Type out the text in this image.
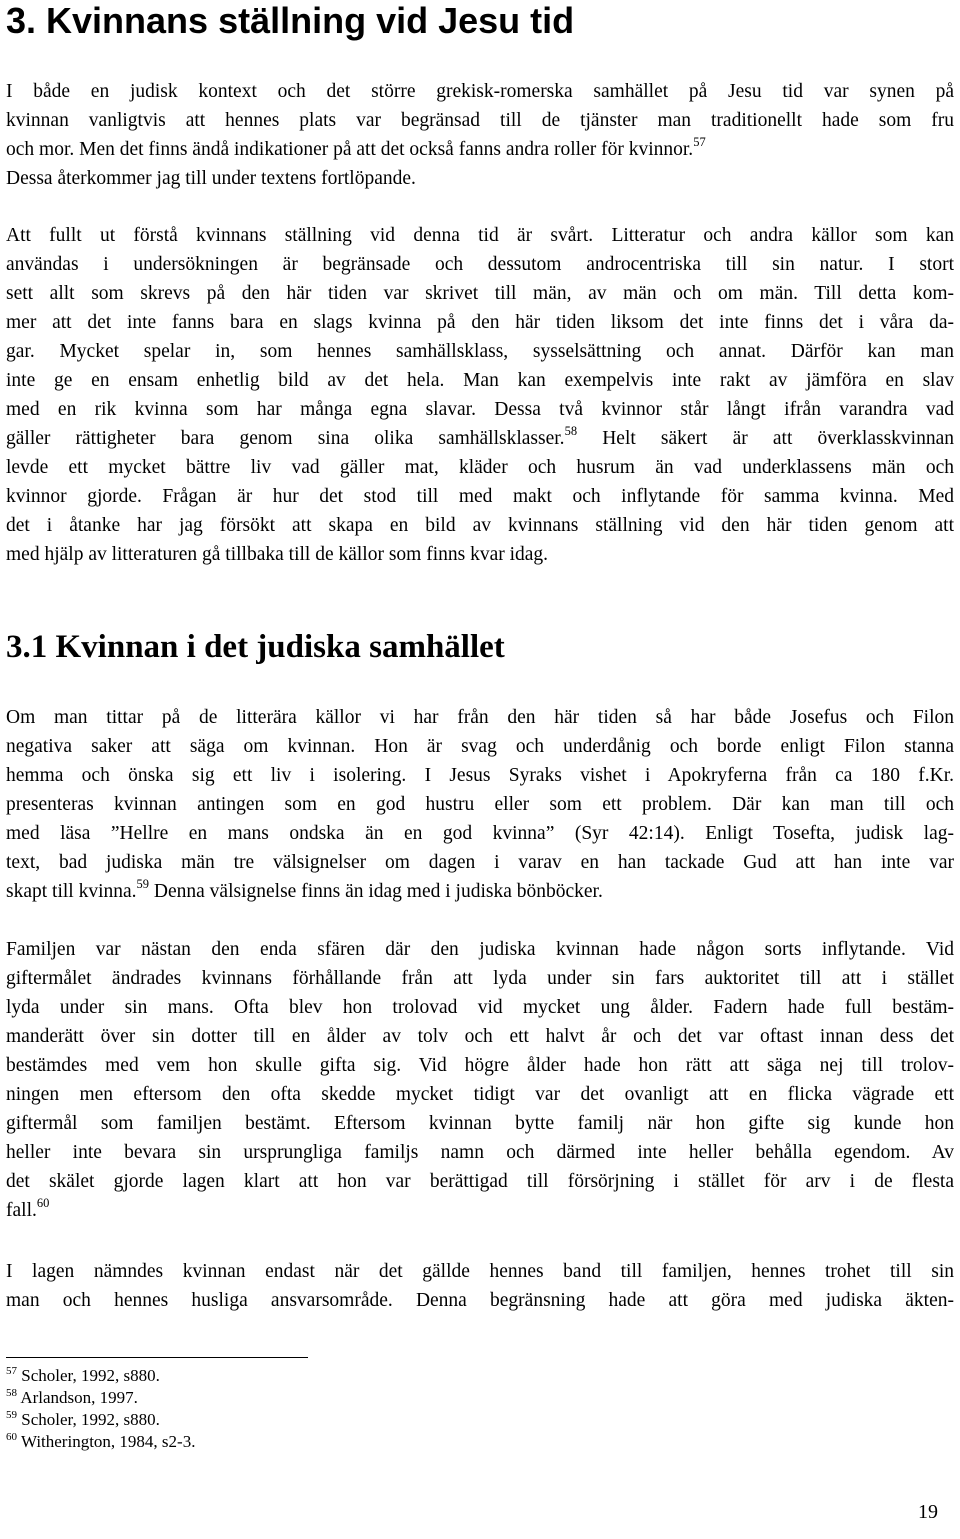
3. Kvinnans ställning vid Jesu tid
I både en judisk kontext och det större grekisk-romerska samhället på Jesu tid var synen på
kvinnan vanligtvis att hennes plats var begränsad till de tjänster man traditionellt hade som fru
och mor. Men det finns ändå indikationer på att det också fanns andra roller för kvinnor.$^{57}$
Dessa återkommer jag till under textens fortlöpande.
Att fullt ut förstå kvinnans ställning vid denna tid är svårt. Litteratur och andra källor som kan
användas i undersökningen är begränsade och dessutom androcentriska till sin natur. I stort
sett allt som skrevs på den här tiden var skrivet till män, av män och om män. Till detta kom-
mer att det inte fanns bara en slags kvinna på den här tiden liksom det inte finns det i våra da-
gar. Mycket spelar in, som hennes samhällsklass, sysselsättning och annat. Därför kan man
inte ge en ensam enhetlig bild av det hela. Man kan exempelvis inte rakt av jämföra en slav
med en rik kvinna som har många egna slavar. Dessa två kvinnor står långt ifrån varandra vad
gäller rättigheter bara genom sina olika samhällsklasser.$^{58}$ Helt säkert är att överklasskvinnan
levde ett mycket bättre liv vad gäller mat, kläder och husrum än vad underklassens män och
kvinnor gjorde. Frågan är hur det stod till med makt och inflytande för samma kvinna. Med
det i åtanke har jag försökt att skapa en bild av kvinnans ställning vid den här tiden genom att
med hjälp av litteraturen gå tillbaka till de källor som finns kvar idag.
3.1 Kvinnan i det judiska samhället
Om man tittar på de litterära källor vi har från den här tiden så har både Josefus och Filon
negativa saker att säga om kvinnan. Hon är svag och underdånig och borde enligt Filon stanna
hemma och önska sig ett liv i isolering. I Jesus Syraks vishet i Apokryferna från ca 180 f.Kr.
presenteras kvinnan antingen som en god hustru eller som ett problem. Där kan man till och
med läsa ”Hellre en mans ondska än en god kvinna” (Syr 42:14). Enligt Tosefta, judisk lag-
text, bad judiska män tre välsignelser om dagen i varav en han tackade Gud att han inte var
skapt till kvinna.$^{59}$ Denna välsignelse finns än idag med i judiska bönböcker.
Familjen var nästan den enda sfären där den judiska kvinnan hade någon sorts inflytande. Vid
giftermålet ändrades kvinnans förhållande från att lyda under sin fars auktoritet till att i stället
lyda under sin mans. Ofta blev hon trolovad vid mycket ung ålder. Fadern hade full bestäm-
manderätt över sin dotter till en ålder av tolv och ett halvt år och det var oftast innan dess det
bestämdes med vem hon skulle gifta sig. Vid högre ålder hade hon rätt att säga nej till trolov-
ningen men eftersom den ofta skedde mycket tidigt var det ovanligt att en flicka vägrade ett
giftermål som familjen bestämt. Eftersom kvinnan bytte familj när hon gifte sig kunde hon
heller inte bevara sin ursprungliga familjs namn och därmed inte heller behålla egendom. Av
det skälet gjorde lagen klart att hon var berättigad till försörjning i stället för arv i de flesta
fall.$^{60}$
I lagen nämndes kvinnan endast när det gällde hennes band till familjen, hennes trohet till sin
man och hennes husliga ansvarsområde. Denna begränsning hade att göra med judiska äkten-
$^{57}$ Scholer, 1992, s880.
$^{58}$ Arlandson, 1997.
$^{59}$ Scholer, 1992, s880.
$^{60}$ Witherington, 1984, s2-3.
19
